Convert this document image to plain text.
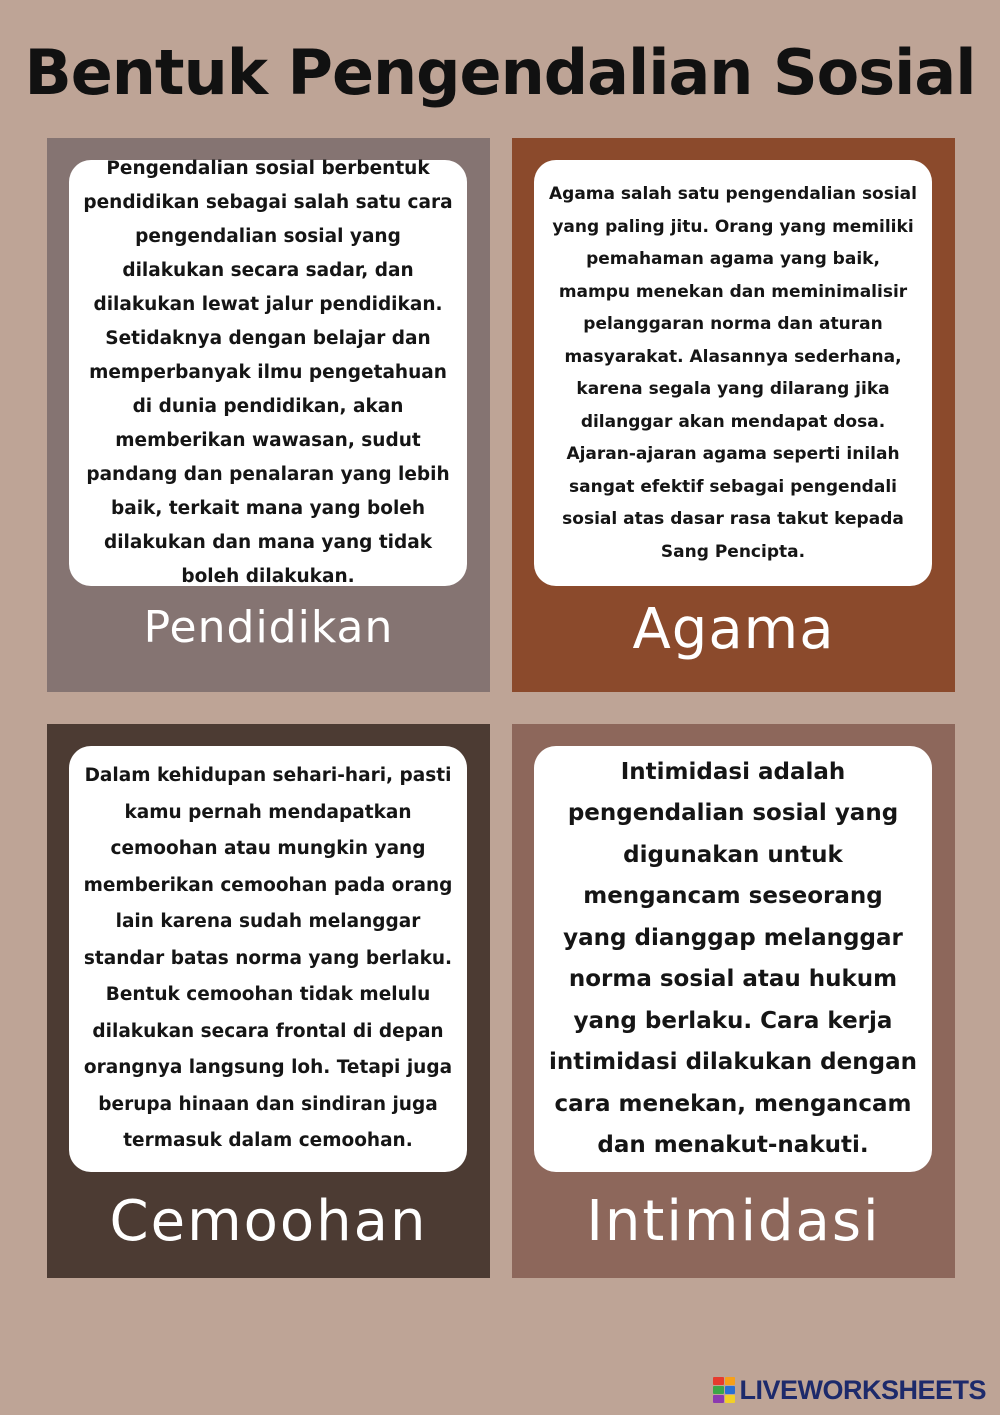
Bentuk Pengendalian Sosial

Pengendalian sosial berbentuk pendidikan sebagai salah satu cara pengendalian sosial yang dilakukan secara sadar, dan dilakukan lewat jalur pendidikan. Setidaknya dengan belajar dan memperbanyak ilmu pengetahuan di dunia pendidikan, akan memberikan wawasan, sudut pandang dan penalaran yang lebih baik, terkait mana yang boleh dilakukan dan mana yang tidak boleh dilakukan.

Pendidikan

Agama salah satu pengendalian sosial yang paling jitu. Orang yang memiliki pemahaman agama yang baik, mampu menekan dan meminimalisir pelanggaran norma dan aturan masyarakat. Alasannya sederhana, karena segala yang dilarang jika dilanggar akan mendapat dosa. Ajaran-ajaran agama seperti inilah sangat efektif sebagai pengendali sosial atas dasar rasa takut kepada Sang Pencipta.

Agama

Dalam kehidupan sehari-hari, pasti kamu pernah mendapatkan cemoohan atau mungkin yang memberikan cemoohan pada orang lain karena sudah melanggar standar batas norma yang berlaku. Bentuk cemoohan tidak melulu dilakukan secara frontal di depan orangnya langsung loh. Tetapi juga berupa hinaan dan sindiran juga termasuk dalam cemoohan.

Cemoohan

Intimidasi adalah pengendalian sosial yang digunakan untuk mengancam seseorang yang dianggap melanggar norma sosial atau hukum yang berlaku. Cara kerja intimidasi dilakukan dengan cara menekan, mengancam dan menakut-nakuti.

Intimidasi
LIVEWORKSHEETS
